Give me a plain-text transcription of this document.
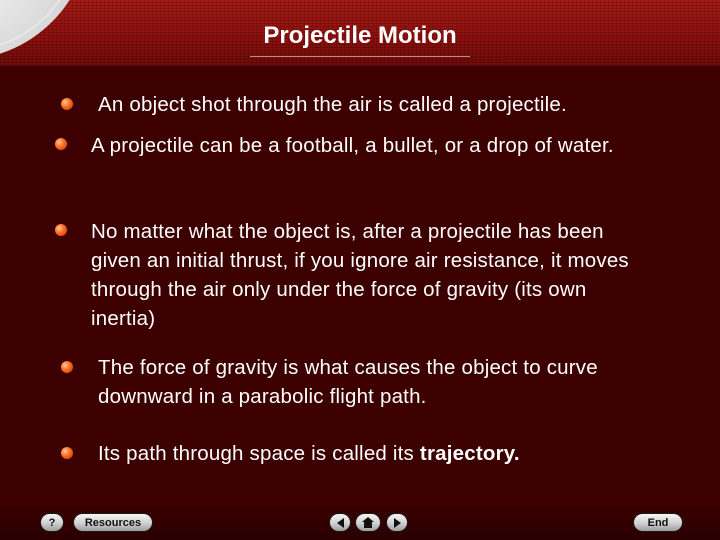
Projectile Motion
An object shot through the air is called a projectile.
A projectile can be a football, a bullet, or a drop of water.
No matter what the object is, after a projectile has been given an initial thrust, if you ignore air resistance, it moves through the air only under the force of gravity (its own inertia)
The force of gravity is what causes the object to curve downward in a parabolic flight path.
Its path through space is called its trajectory.
?	Resources	End
